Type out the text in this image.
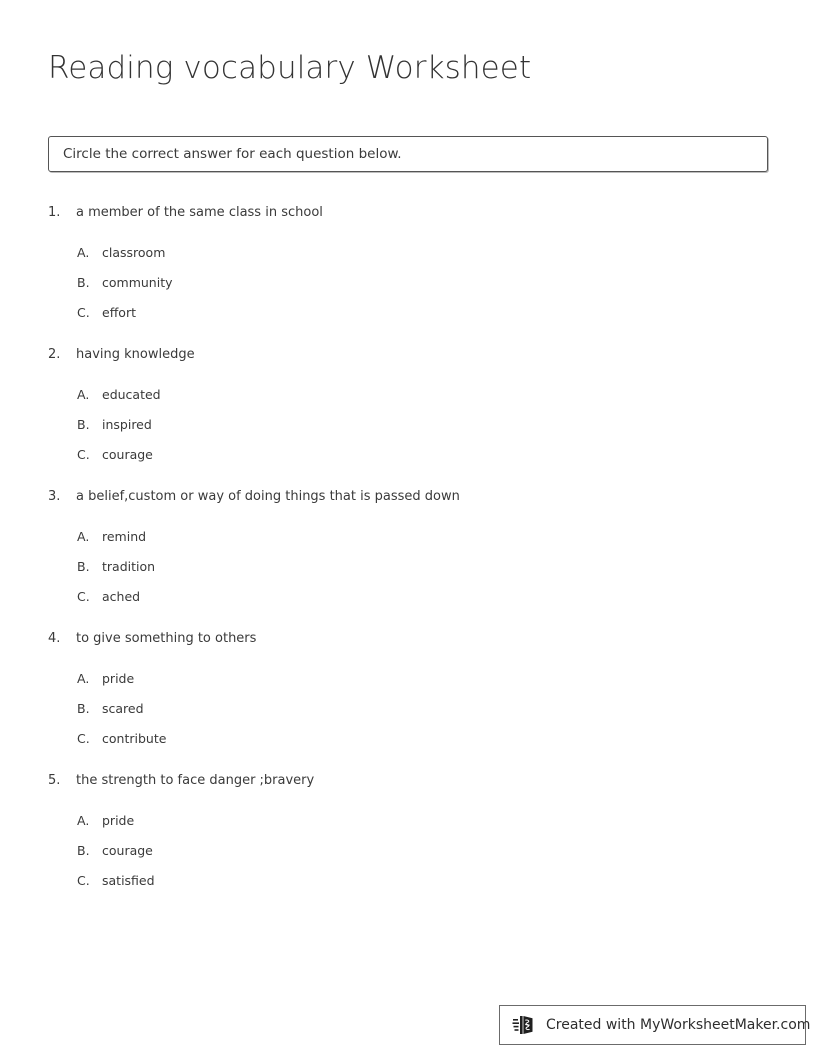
Reading vocabulary Worksheet
Circle the correct answer for each question below.
1.	a member of the same class in school
A.	classroom
B. community
C. effort
2.	having knowledge
A.	educated
B. inspired
C. courage
3.	a belief,custom or way of doing things that is passed down
A.	remind
B. tradition
C. ached
4.	to give something to others
A.	pride
B. scared
C. contribute
5.	the strength to face danger ;bravery
A.	pride
B. courage
C. satisfied
Created with MyWorksheetMaker.com
